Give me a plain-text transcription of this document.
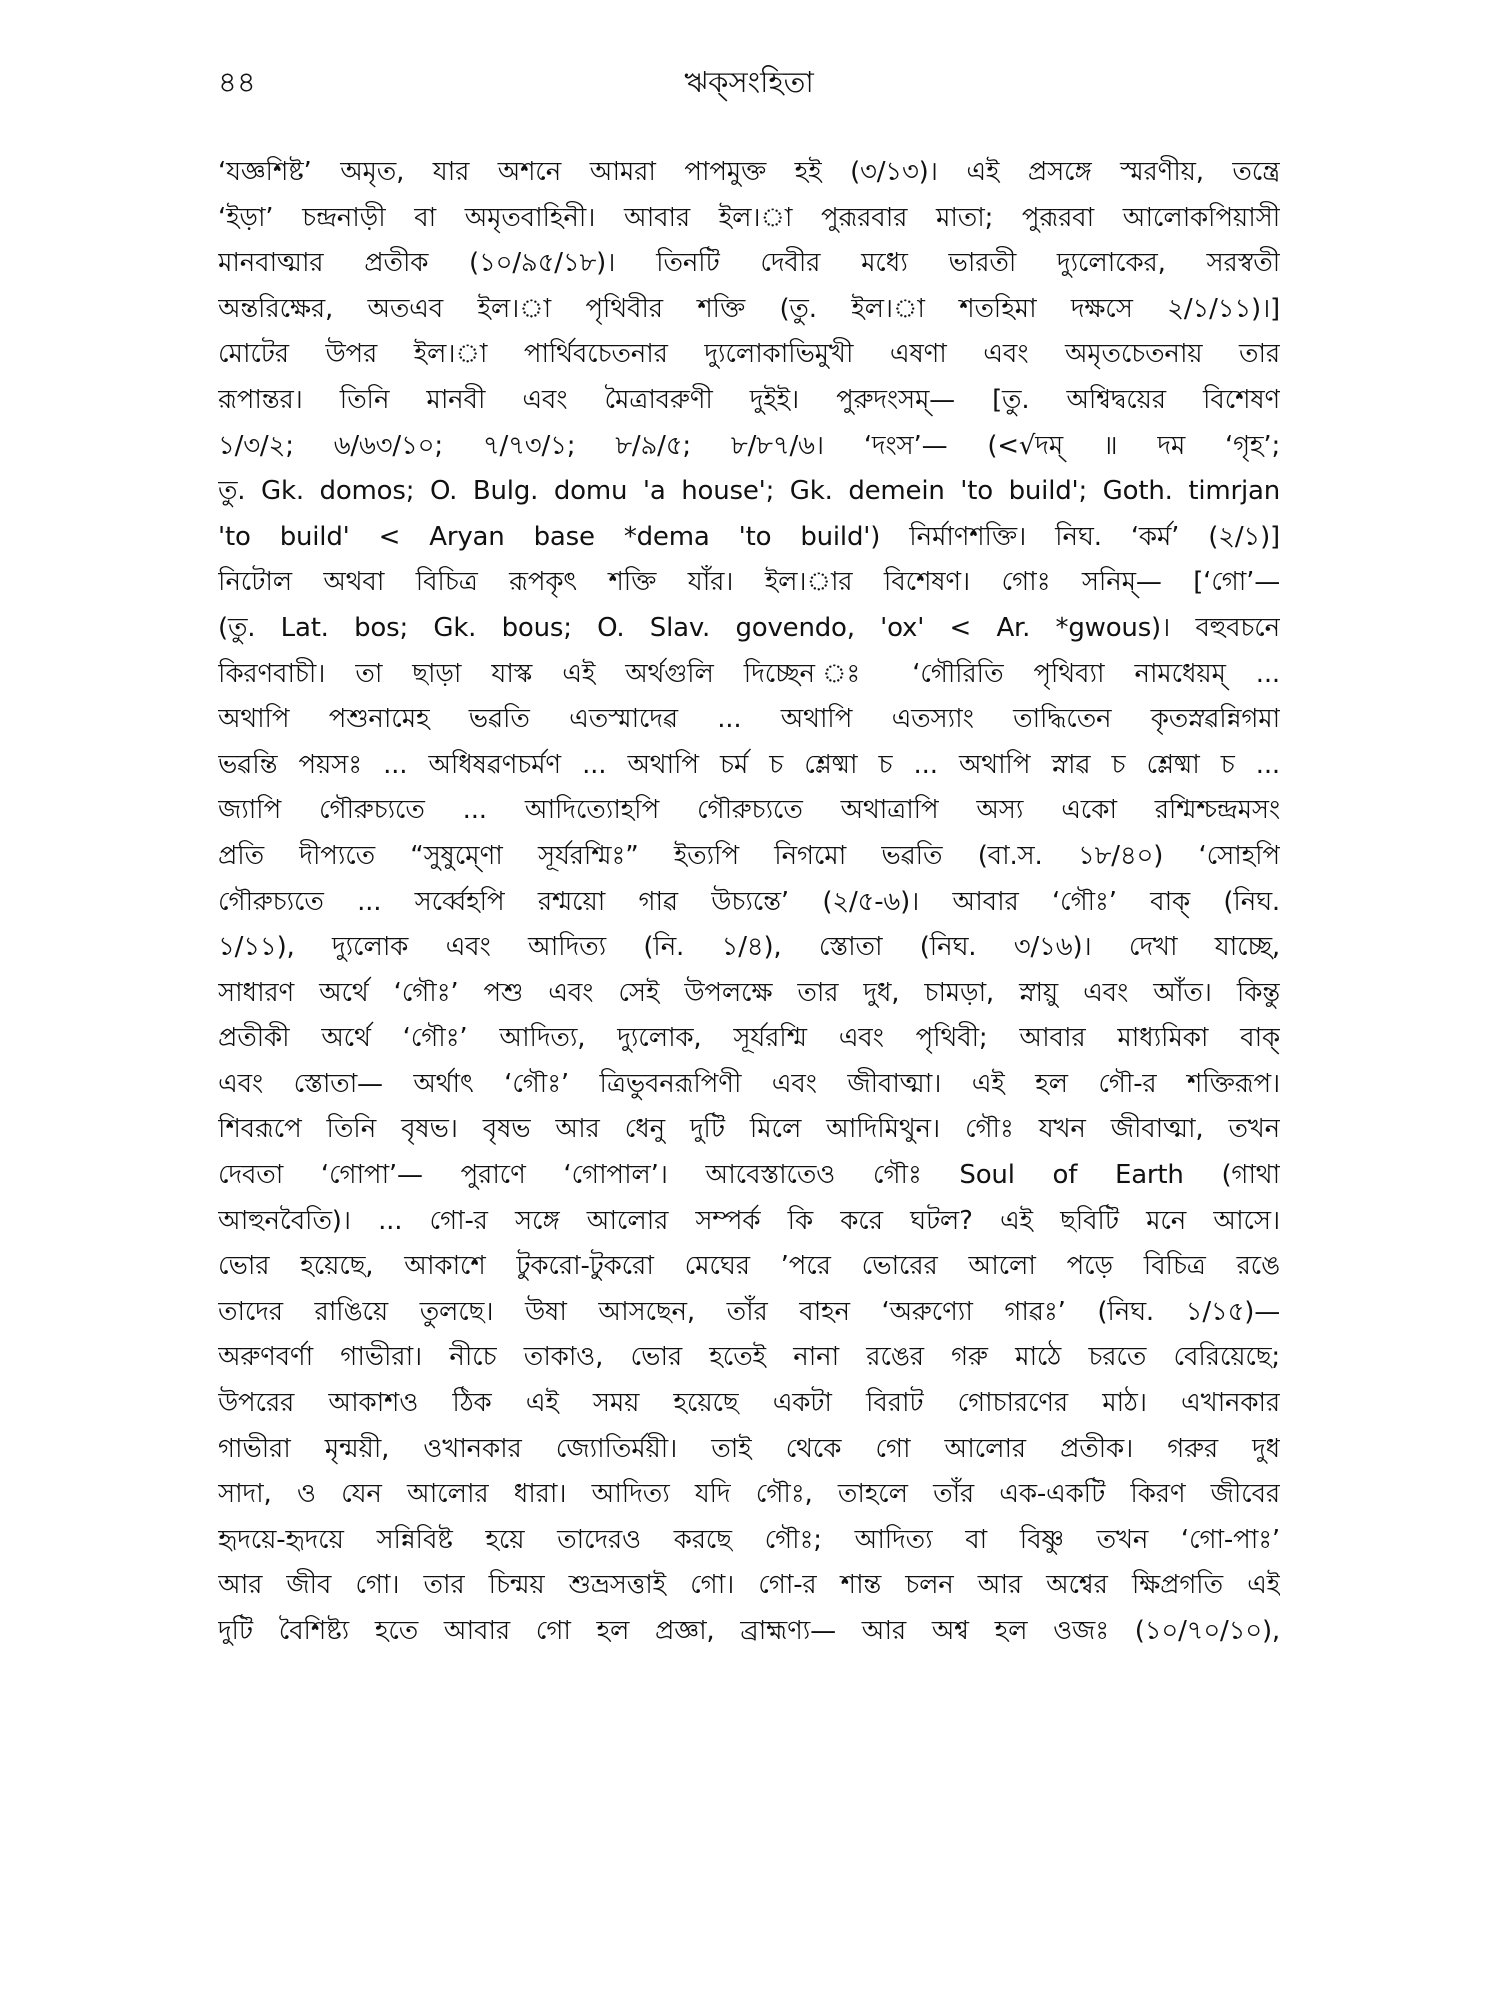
৪৪	ঋক্‌সংহিতা
‘যজ্ঞশিষ্ট’ অমৃত, যার অশনে আমরা পাপমুক্ত হই (৩/১৩)। এই প্রসঙ্গে স্মরণীয়, তন্ত্রে
‘ইড়া’ চন্দ্রনাড়ী বা অমৃতবাহিনী। আবার ইল।া পুরূরবার মাতা; পুরূরবা আলোকপিয়াসী
মানবাত্মার প্রতীক (১০/৯৫/১৮)। তিনটি দেবীর মধ্যে ভারতী দ্যুলোকের, সরস্বতী
অন্তরিক্ষের, অতএব ইল।া পৃথিবীর শক্তি (তু. ইল।া শতহিমা দক্ষসে ২/১/১১)।]
মোটের উপর ইল।া পার্থিবচেতনার দ্যুলোকাভিমুখী এষণা এবং অমৃতচেতনায় তার
রূপান্তর। তিনি মানবী এবং মৈত্রাবরুণী দুইই। পুরুদংসম্— [তু. অশ্বিদ্বয়ের বিশেষণ
১/৩/২; ৬/৬৩/১০; ৭/৭৩/১; ৮/৯/৫; ৮/৮৭/৬। ‘দংস’— (<√দম্ ॥ দম ‘গৃহ’;
তু. Gk. domos; O. Bulg. domu 'a house'; Gk. demein 'to build'; Goth. timrjan
'to build' < Aryan base *dema 'to build') নির্মাণশক্তি। নিঘ. ‘কর্ম’ (২/১)]
নিটোল অথবা বিচিত্র রূপকৃৎ শক্তি যাঁর। ইল।ার বিশেষণ। গোঃ সনিম্— [‘গো’—
(তু. Lat. bos; Gk. bous; O. Slav. govendo, 'ox' < Ar. *gwous)। বহুবচনে
কিরণবাচী। তা ছাড়া যাস্ক এই অর্থগুলি দিচ্ছেন ঃ ‘গৌরিতি পৃথিব্যা নামধেয়ম্ ...
অথাপি পশুনামেহ ভৱতি এতস্মাদেৱ ... অথাপি এতস্যাং তাদ্ধিতেন কৃতস্নৱন্নিগমা
ভৱন্তি পয়সঃ ... অধিষৱণচর্মণ ... অথাপি চর্ম চ শ্লেষ্মা চ ... অথাপি স্নাৱ চ শ্লেষ্মা চ ...
জ্যাপি গৌরুচ্যতে ... আদিত্যোহপি গৌরুচ্যতে অথাত্রাপি অস্য একো রশ্মিশ্চন্দ্রমসং
প্রতি দীপ্যতে “সুষুম্ণো সূর্যরশ্মিঃ” ইত্যপি নিগমো ভৱতি (বা.স. ১৮/৪০) ‘সোহপি
গৌরুচ্যতে ... সর্ব্বেহপি রশ্ময়ো গাৱ উচ্যন্তে’ (২/৫-৬)। আবার ‘গৌঃ’ বাক্ (নিঘ.
১/১১), দ্যুলোক এবং আদিত্য (নি. ১/৪), স্তোতা (নিঘ. ৩/১৬)। দেখা যাচ্ছে,
সাধারণ অর্থে ‘গৌঃ’ পশু এবং সেই উপলক্ষে তার দুধ, চামড়া, স্নায়ু এবং আঁত। কিন্তু
প্রতীকী অর্থে ‘গৌঃ’ আদিত্য, দ্যুলোক, সূর্যরশ্মি এবং পৃথিবী; আবার মাধ্যমিকা বাক্
এবং স্তোতা— অর্থাৎ ‘গৌঃ’ ত্রিভুবনরূপিণী এবং জীবাত্মা। এই হল গৌ-র শক্তিরূপ।
শিবরূপে তিনি বৃষভ। বৃষভ আর ধেনু দুটি মিলে আদিমিথুন। গৌঃ যখন জীবাত্মা, তখন
দেবতা ‘গোপা’— পুরাণে ‘গোপাল’। আবেস্তাতেও গৌঃ Soul of Earth (গাথা
আহুনবৈতি)। ... গো-র সঙ্গে আলোর সম্পর্ক কি করে ঘটল? এই ছবিটি মনে আসে।
ভোর হয়েছে, আকাশে টুকরো-টুকরো মেঘের ’পরে ভোরের আলো পড়ে বিচিত্র রঙে
তাদের রাঙিয়ে তুলছে। উষা আসছেন, তাঁর বাহন ‘অরুণ্যো গাৱঃ’ (নিঘ. ১/১৫)—
অরুণবর্ণা গাভীরা। নীচে তাকাও, ভোর হতেই নানা রঙের গরু মাঠে চরতে বেরিয়েছে;
উপরের আকাশও ঠিক এই সময় হয়েছে একটা বিরাট গোচারণের মাঠ। এখানকার
গাভীরা মৃন্ময়ী, ওখানকার জ্যোতির্ময়ী। তাই থেকে গো আলোর প্রতীক। গরুর দুধ
সাদা, ও যেন আলোর ধারা। আদিত্য যদি গৌঃ, তাহলে তাঁর এক-একটি কিরণ জীবের
হৃদয়ে-হৃদয়ে সন্নিবিষ্ট হয়ে তাদেরও করছে গৌঃ; আদিত্য বা বিষ্ণু তখন ‘গো-পাঃ’
আর জীব গো। তার চিন্ময় শুভ্রসত্তাই গো। গো-র শান্ত চলন আর অশ্বের ক্ষিপ্রগতি এই
দুটি বৈশিষ্ট্য হতে আবার গো হল প্রজ্ঞা, ব্রাহ্মণ্য— আর অশ্ব হল ওজঃ (১০/৭০/১০),
